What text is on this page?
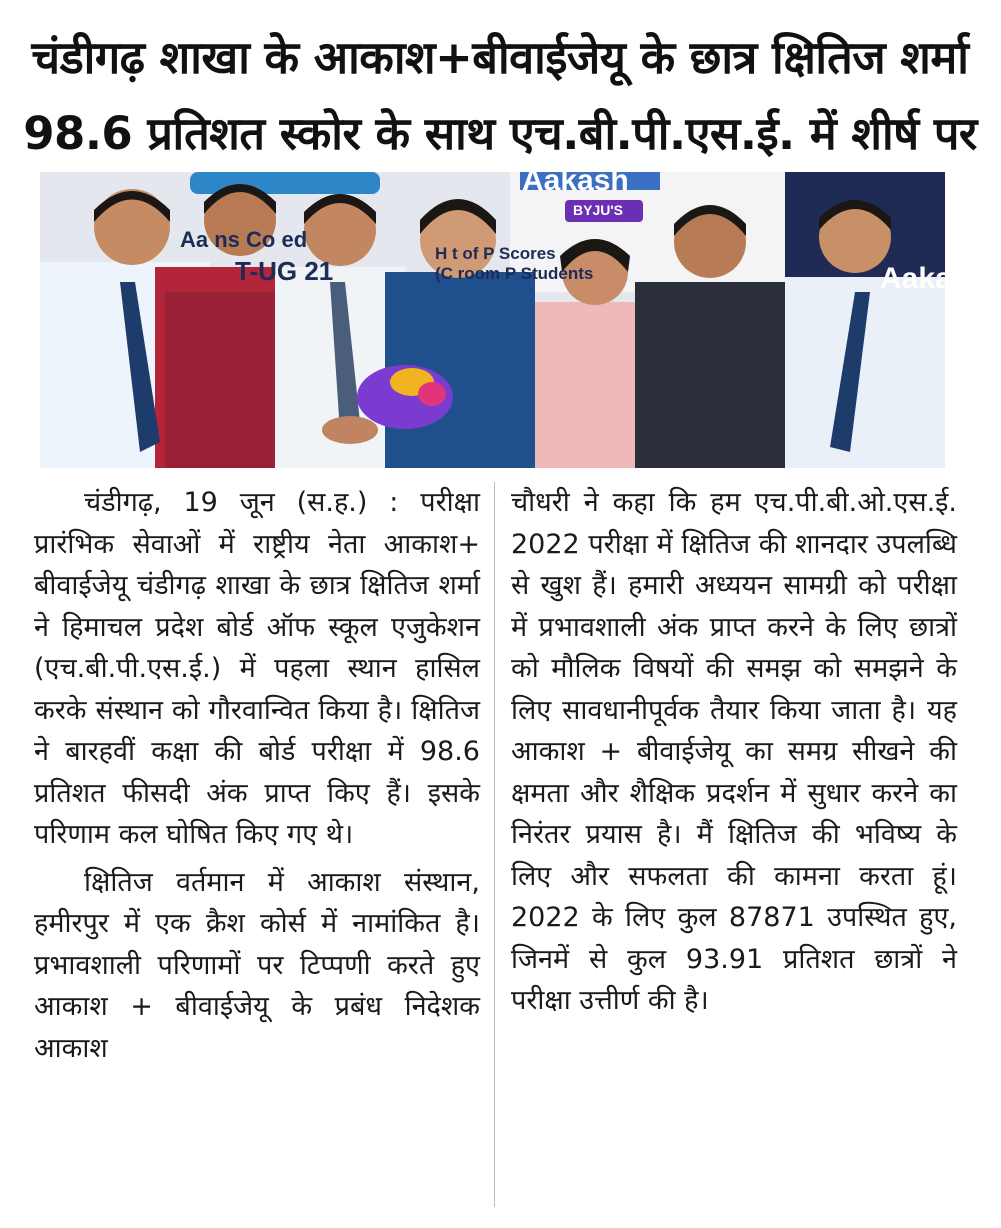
चंडीगढ़ शाखा के आकाश+बीवाईजेयू के छात्र क्षितिज शर्मा
98.6 प्रतिशत स्कोर के साथ एच.बी.पी.एस.ई. में शीर्ष पर
Aa ns Co ed
T-UG 21
H t of P Scores
(C room P Students
Aakash
BYJU'S
Aakash

चंडीगढ़, 19 जून (स.ह.) : परीक्षा प्रारंभिक सेवाओं में राष्ट्रीय नेता आकाश+ बीवाईजेयू चंडीगढ़ शाखा के छात्र क्षितिज शर्मा ने हिमाचल प्रदेश बोर्ड ऑफ स्कूल एजुकेशन (एच.बी.पी.एस.ई.) में पहला स्थान हासिल करके संस्थान को गौरवान्वित किया है। क्षितिज ने बारहवीं कक्षा की बोर्ड परीक्षा में 98.6 प्रतिशत फीसदी अंक प्राप्त किए हैं। इसके परिणाम कल घोषित किए गए थे।

क्षितिज वर्तमान में आकाश संस्थान, हमीरपुर में एक क्रैश कोर्स में नामांकित है। प्रभावशाली परिणामों पर टिप्पणी करते हुए आकाश + बीवाईजेयू के प्रबंध निदेशक आकाश

चौधरी ने कहा कि हम एच.पी.बी.ओ.एस.ई. 2022 परीक्षा में क्षितिज की शानदार उपलब्धि से खुश हैं। हमारी अध्ययन सामग्री को परीक्षा में प्रभावशाली अंक प्राप्त करने के लिए छात्रों को मौलिक विषयों की समझ को समझने के लिए सावधानीपूर्वक तैयार किया जाता है। यह आकाश + बीवाईजेयू का समग्र सीखने की क्षमता और शैक्षिक प्रदर्शन में सुधार करने का निरंतर प्रयास है। मैं क्षितिज की भविष्य के लिए और सफलता की कामना करता हूं। 2022 के लिए कुल 87871 उपस्थित हुए, जिनमें से कुल 93.91 प्रतिशत छात्रों ने परीक्षा उत्तीर्ण की है।
